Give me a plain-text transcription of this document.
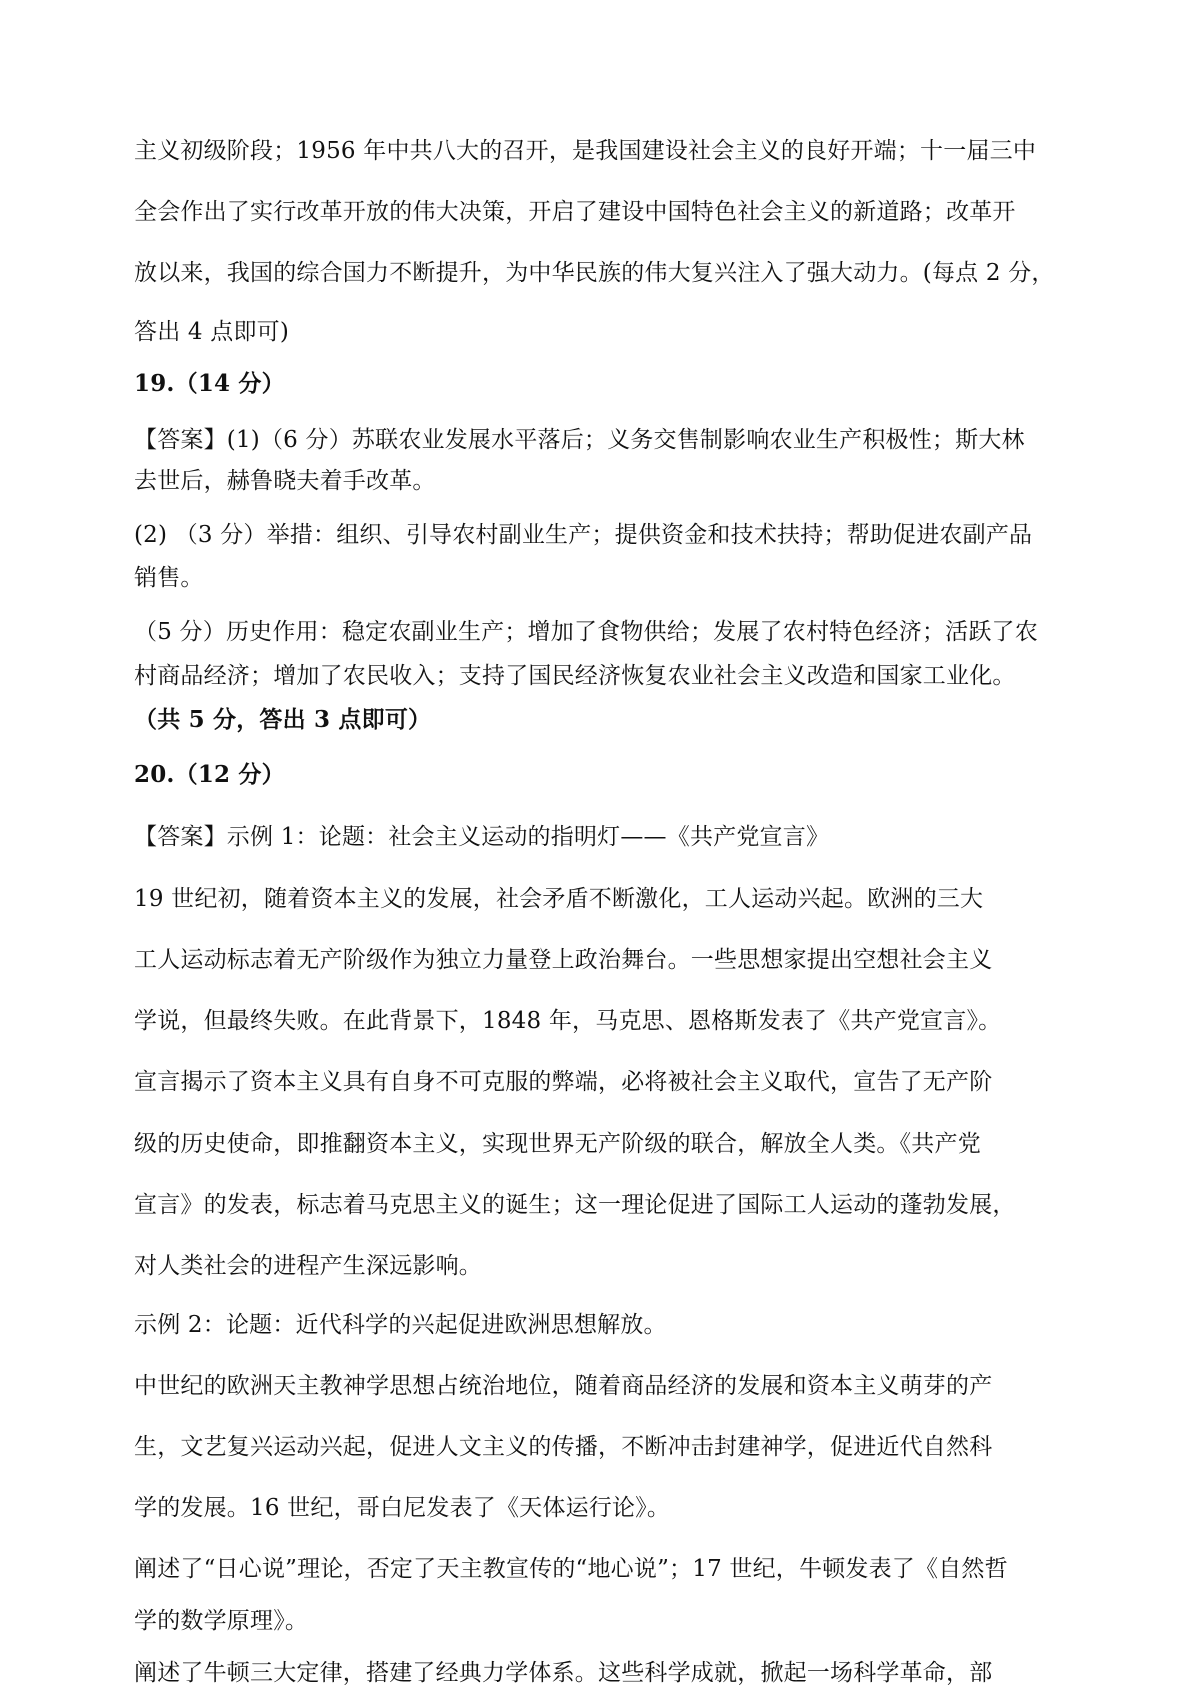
主义初级阶段；1956 年中共八大的召开，是我国建设社会主义的良好开端；十一届三中
全会作出了实行改革开放的伟大决策，开启了建设中国特色社会主义的新道路；改革开
放以来，我国的综合国力不断提升，为中华民族的伟大复兴注入了强大动力。(每点 2 分，
答出 4 点即可)
19.（14 分）
【答案】(1)（6 分）苏联农业发展水平落后；义务交售制影响农业生产积极性；斯大林
去世后，赫鲁晓夫着手改革。
(2) （3 分）举措：组织、引导农村副业生产；提供资金和技术扶持；帮助促进农副产品
销售。
（5 分）历史作用：稳定农副业生产；增加了食物供给；发展了农村特色经济；活跃了农
村商品经济；增加了农民收入；支持了国民经济恢复农业社会主义改造和国家工业化。
（共 5 分，答出 3 点即可）
20.（12 分）
【答案】示例 1：论题：社会主义运动的指明灯——《共产党宣言》
19 世纪初，随着资本主义的发展，社会矛盾不断激化，工人运动兴起。欧洲的三大
工人运动标志着无产阶级作为独立力量登上政治舞台。一些思想家提出空想社会主义
学说，但最终失败。在此背景下，1848 年，马克思、恩格斯发表了《共产党宣言》。
宣言揭示了资本主义具有自身不可克服的弊端，必将被社会主义取代，宣告了无产阶
级的历史使命，即推翻资本主义，实现世界无产阶级的联合，解放全人类。《共产党
宣言》的发表，标志着马克思主义的诞生；这一理论促进了国际工人运动的蓬勃发展，
对人类社会的进程产生深远影响。
示例 2：论题：近代科学的兴起促进欧洲思想解放。
中世纪的欧洲天主教神学思想占统治地位，随着商品经济的发展和资本主义萌芽的产
生，文艺复兴运动兴起，促进人文主义的传播，不断冲击封建神学，促进近代自然科
学的发展。16 世纪，哥白尼发表了《天体运行论》。
阐述了“日心说”理论，否定了天主教宣传的“地心说”；17 世纪，牛顿发表了《自然哲
学的数学原理》。
阐述了牛顿三大定律，搭建了经典力学体系。这些科学成就，掀起一场科学革命，部
